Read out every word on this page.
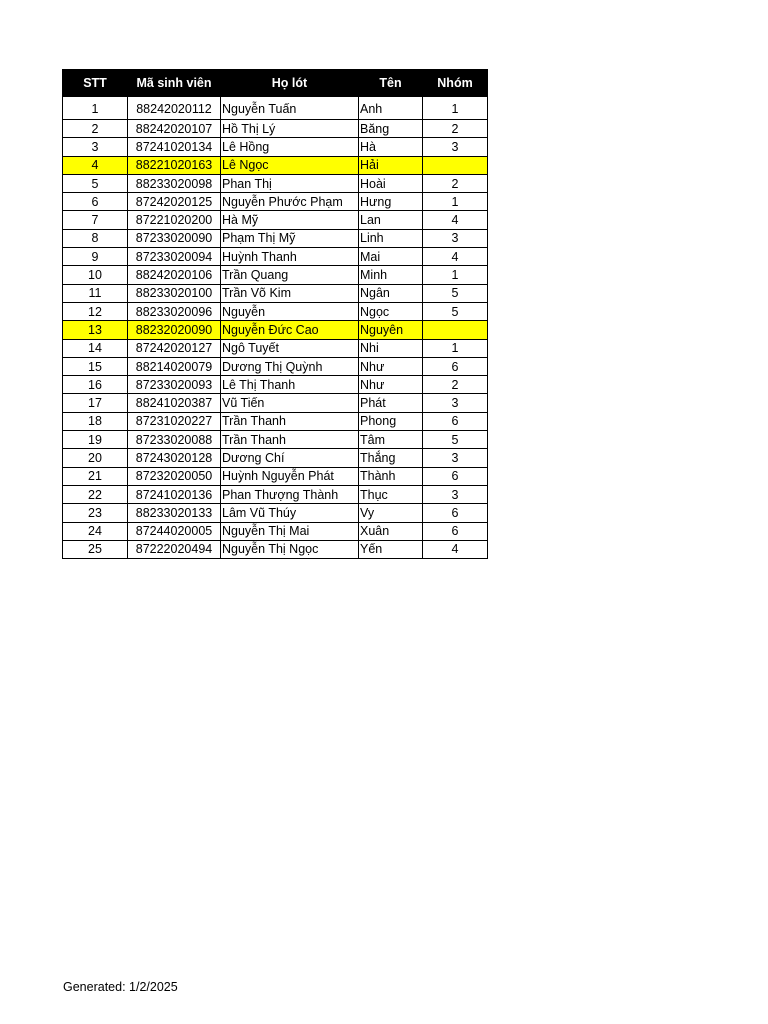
STT	Mã sinh viên	Họ lót	Tên	Nhóm
1	88242020112	Nguyễn Tuấn	Anh	1
2	88242020107	Hồ Thị Lý	Băng	2
3	87241020134	Lê Hồng	Hà	3
4	88221020163	Lê Ngọc	Hải	
5	88233020098	Phan Thị	Hoài	2
6	87242020125	Nguyễn Phước Phạm	Hưng	1
7	87221020200	Hà Mỹ	Lan	4
8	87233020090	Phạm Thị Mỹ	Linh	3
9	87233020094	Huỳnh Thanh	Mai	4
10	88242020106	Trần Quang	Minh	1
11	88233020100	Trần Võ Kim	Ngân	5
12	88233020096	Nguyễn	Ngọc	5
13	88232020090	Nguyễn Đức Cao	Nguyên	
14	87242020127	Ngô Tuyết	Nhi	1
15	88214020079	Dương Thị Quỳnh	Như	6
16	87233020093	Lê Thị Thanh	Như	2
17	88241020387	Vũ Tiến	Phát	3
18	87231020227	Trần Thanh	Phong	6
19	87233020088	Trần Thanh	Tâm	5
20	87243020128	Dương Chí	Thắng	3
21	87232020050	Huỳnh Nguyễn Phát	Thành	6
22	87241020136	Phan Thượng Thành	Thục	3
23	88233020133	Lâm Vũ Thúy	Vy	6
24	87244020005	Nguyễn Thị Mai	Xuân	6
25	87222020494	Nguyễn Thị Ngọc	Yến	4
Generated: 1/2/2025
